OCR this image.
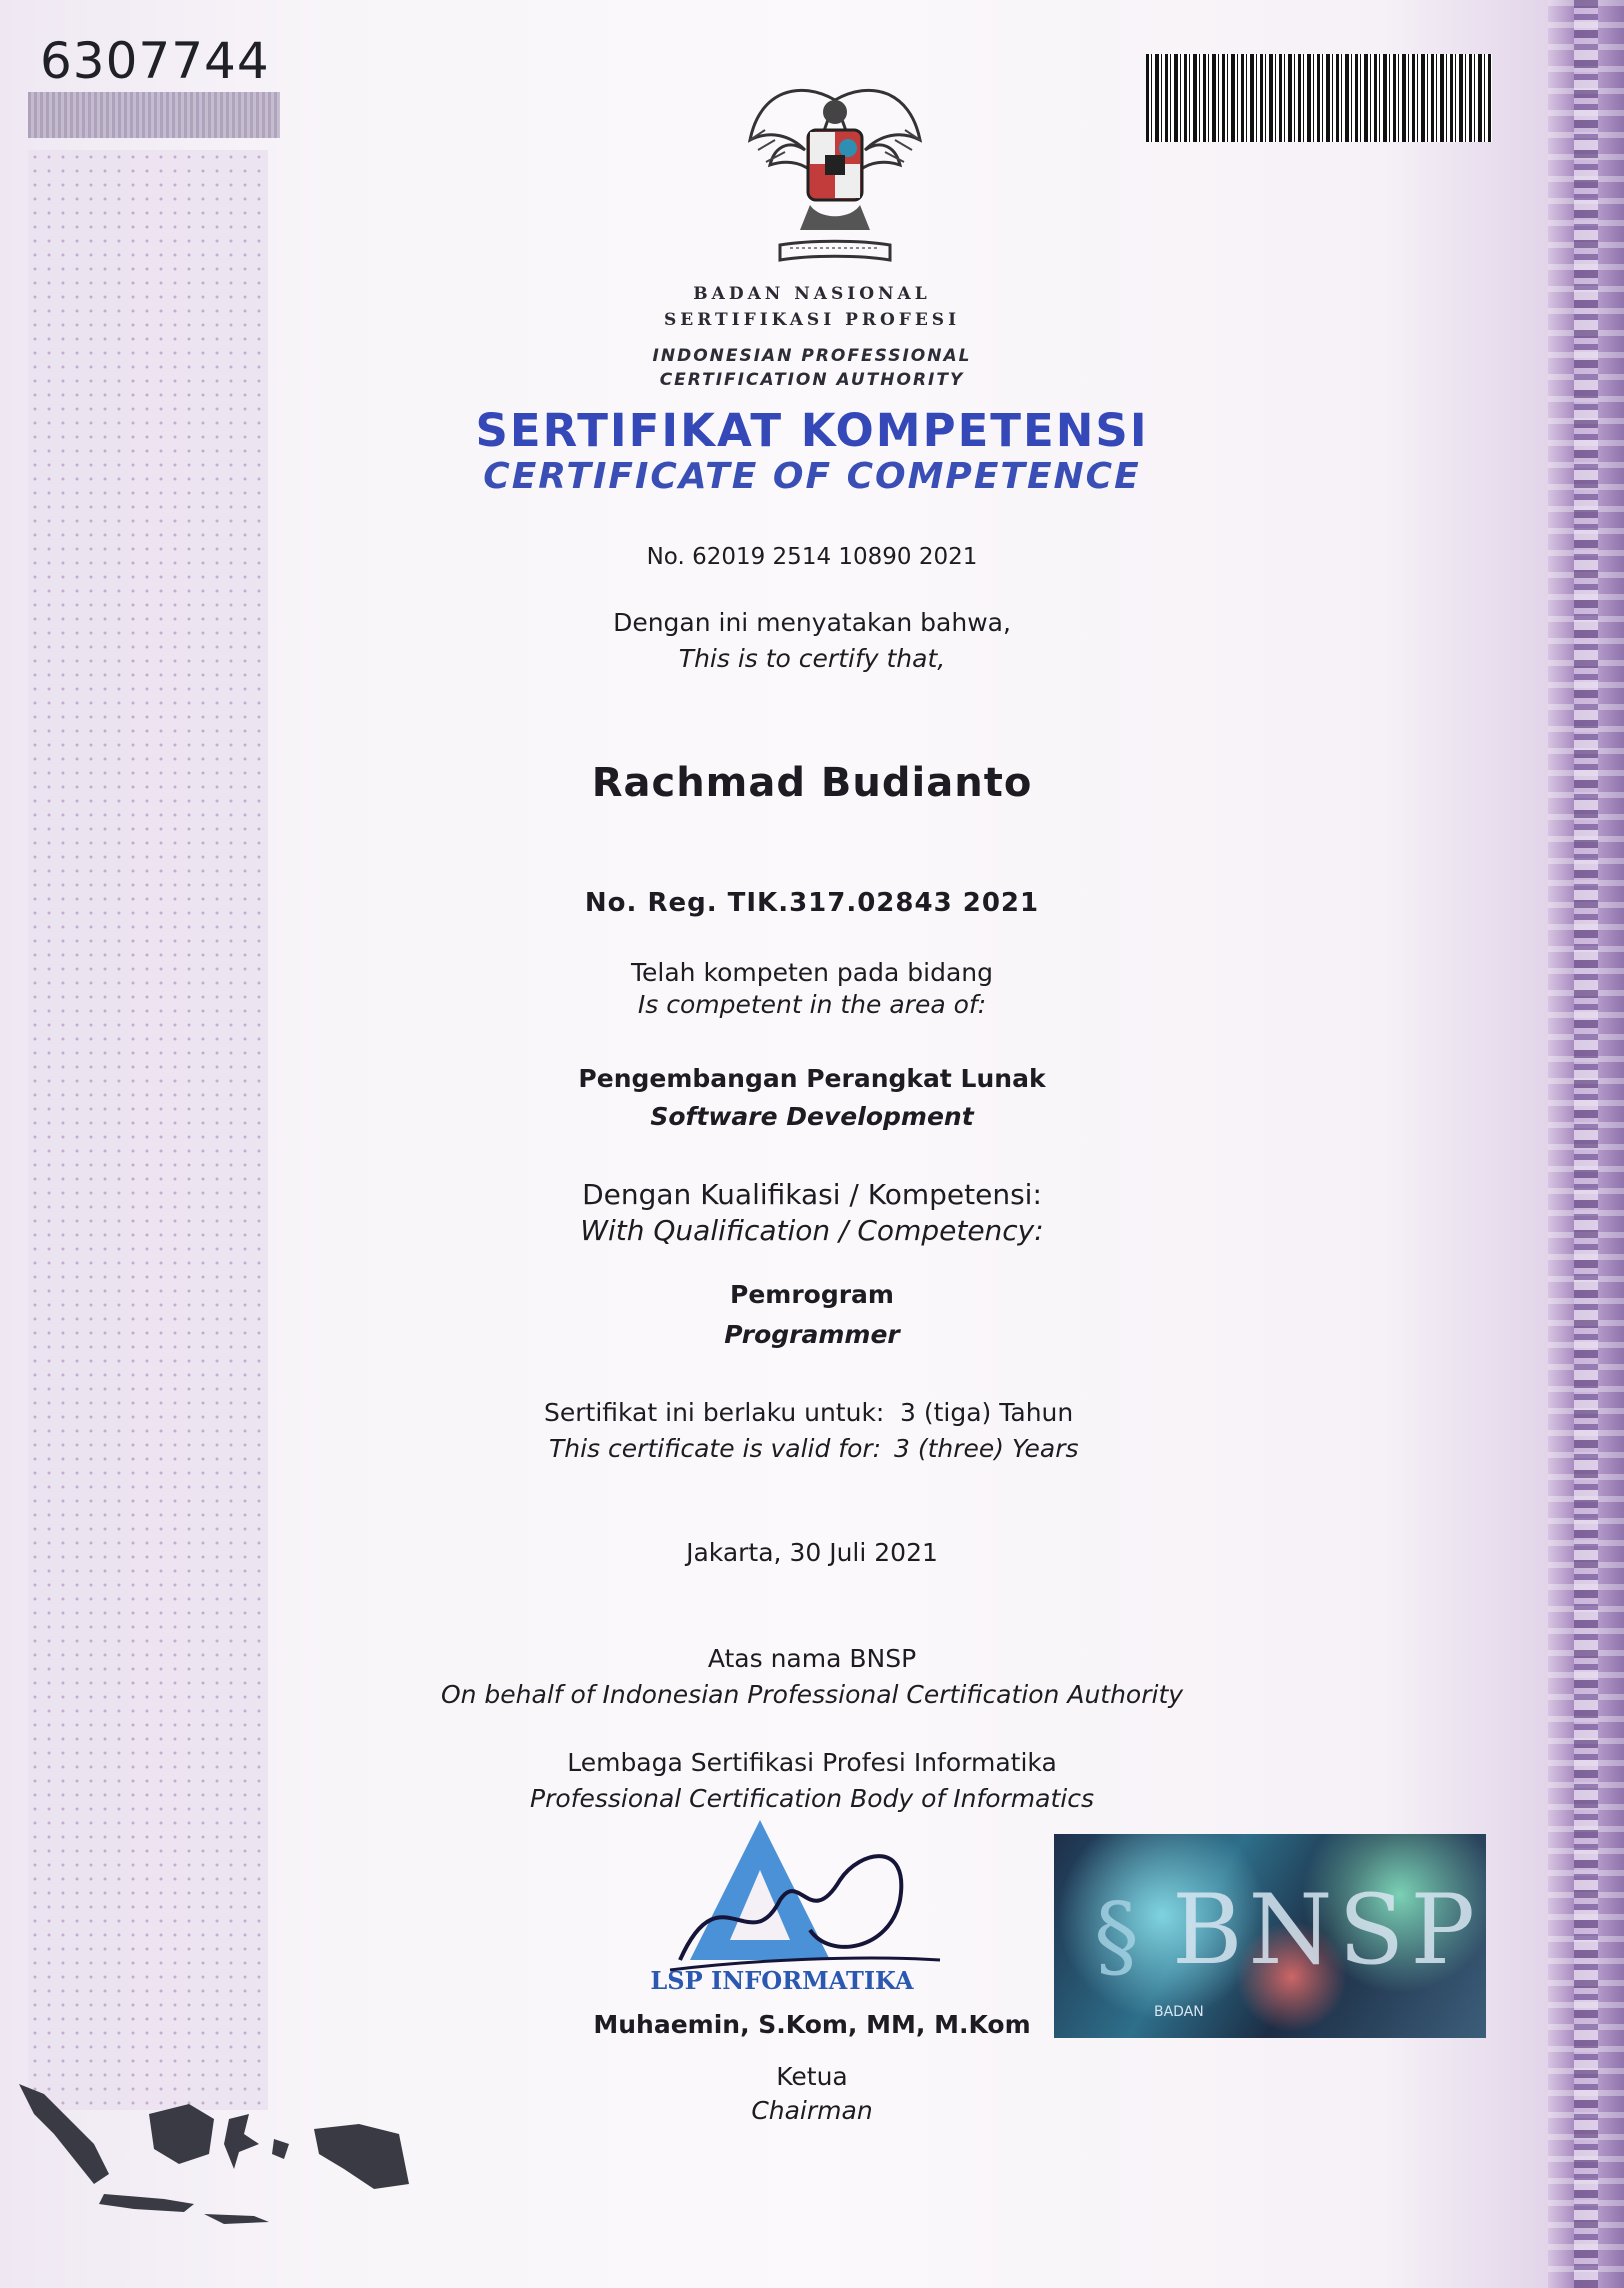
6307744
BADAN NASIONAL
SERTIFIKASI PROFESI
INDONESIAN PROFESSIONAL
CERTIFICATION AUTHORITY
SERTIFIKAT KOMPETENSI
CERTIFICATE OF COMPETENCE
No. 62019 2514 10890 2021
Dengan ini menyatakan bahwa,
This is to certify that,
Rachmad Budianto
No. Reg. TIK.317.02843 2021
Telah kompeten pada bidang
Is competent in the area of:
Pengembangan Perangkat Lunak
Software Development
Dengan Kualifikasi / Kompetensi:
With Qualification / Competency:
Pemrogram
Programmer
Sertifikat ini berlaku untuk: 3 (tiga) Tahun
This certificate is valid for: 3 (three) Years
Jakarta, 30 Juli 2021
Atas nama BNSP
On behalf of Indonesian Professional Certification Authority
Lembaga Sertifikasi Profesi Informatika
Professional Certification Body of Informatics
LSP INFORMATIKA § BNSP
BADAN
Muhaemin, S.Kom, MM, M.Kom
Ketua
Chairman
